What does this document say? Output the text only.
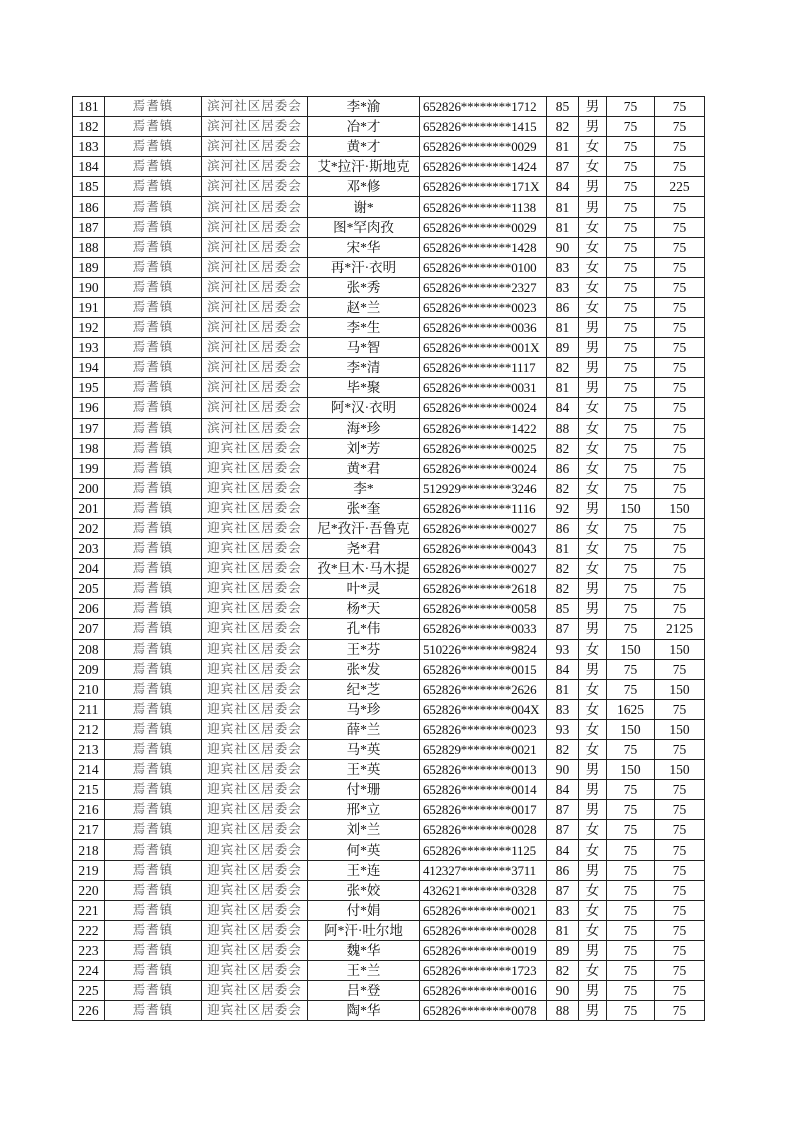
181	焉耆镇	滨河社区居委会	李*渝	652826********1712	85	男	75	75
182	焉耆镇	滨河社区居委会	冶*才	652826********1415	82	男	75	75
183	焉耆镇	滨河社区居委会	黄*才	652826********0029	81	女	75	75
184	焉耆镇	滨河社区居委会	艾*拉汗·斯地克	652826********1424	87	女	75	75
185	焉耆镇	滨河社区居委会	邓*修	652826********171X	84	男	75	225
186	焉耆镇	滨河社区居委会	谢*	652826********1138	81	男	75	75
187	焉耆镇	滨河社区居委会	图*罕肉孜	652826********0029	81	女	75	75
188	焉耆镇	滨河社区居委会	宋*华	652826********1428	90	女	75	75
189	焉耆镇	滨河社区居委会	再*汗·衣明	652826********0100	83	女	75	75
190	焉耆镇	滨河社区居委会	张*秀	652826********2327	83	女	75	75
191	焉耆镇	滨河社区居委会	赵*兰	652826********0023	86	女	75	75
192	焉耆镇	滨河社区居委会	李*生	652826********0036	81	男	75	75
193	焉耆镇	滨河社区居委会	马*智	652826********001X	89	男	75	75
194	焉耆镇	滨河社区居委会	李*清	652826********1117	82	男	75	75
195	焉耆镇	滨河社区居委会	毕*聚	652826********0031	81	男	75	75
196	焉耆镇	滨河社区居委会	阿*汉·衣明	652826********0024	84	女	75	75
197	焉耆镇	滨河社区居委会	海*珍	652826********1422	88	女	75	75
198	焉耆镇	迎宾社区居委会	刘*芳	652826********0025	82	女	75	75
199	焉耆镇	迎宾社区居委会	黄*君	652826********0024	86	女	75	75
200	焉耆镇	迎宾社区居委会	李*	512929********3246	82	女	75	75
201	焉耆镇	迎宾社区居委会	张*奎	652826********1116	92	男	150	150
202	焉耆镇	迎宾社区居委会	尼*孜汗·吾鲁克	652826********0027	86	女	75	75
203	焉耆镇	迎宾社区居委会	尧*君	652826********0043	81	女	75	75
204	焉耆镇	迎宾社区居委会	孜*旦木·马木提	652826********0027	82	女	75	75
205	焉耆镇	迎宾社区居委会	叶*灵	652826********2618	82	男	75	75
206	焉耆镇	迎宾社区居委会	杨*天	652826********0058	85	男	75	75
207	焉耆镇	迎宾社区居委会	孔*伟	652826********0033	87	男	75	2125
208	焉耆镇	迎宾社区居委会	王*芬	510226********9824	93	女	150	150
209	焉耆镇	迎宾社区居委会	张*发	652826********0015	84	男	75	75
210	焉耆镇	迎宾社区居委会	纪*芝	652826********2626	81	女	75	150
211	焉耆镇	迎宾社区居委会	马*珍	652826********004X	83	女	1625	75
212	焉耆镇	迎宾社区居委会	薛*兰	652826********0023	93	女	150	150
213	焉耆镇	迎宾社区居委会	马*英	652829********0021	82	女	75	75
214	焉耆镇	迎宾社区居委会	王*英	652826********0013	90	男	150	150
215	焉耆镇	迎宾社区居委会	付*珊	652826********0014	84	男	75	75
216	焉耆镇	迎宾社区居委会	邢*立	652826********0017	87	男	75	75
217	焉耆镇	迎宾社区居委会	刘*兰	652826********0028	87	女	75	75
218	焉耆镇	迎宾社区居委会	何*英	652826********1125	84	女	75	75
219	焉耆镇	迎宾社区居委会	王*连	412327********3711	86	男	75	75
220	焉耆镇	迎宾社区居委会	张*姣	432621********0328	87	女	75	75
221	焉耆镇	迎宾社区居委会	付*娟	652826********0021	83	女	75	75
222	焉耆镇	迎宾社区居委会	阿*汗·吐尔地	652826********0028	81	女	75	75
223	焉耆镇	迎宾社区居委会	魏*华	652826********0019	89	男	75	75
224	焉耆镇	迎宾社区居委会	王*兰	652826********1723	82	女	75	75
225	焉耆镇	迎宾社区居委会	吕*登	652826********0016	90	男	75	75
226	焉耆镇	迎宾社区居委会	陶*华	652826********0078	88	男	75	75
